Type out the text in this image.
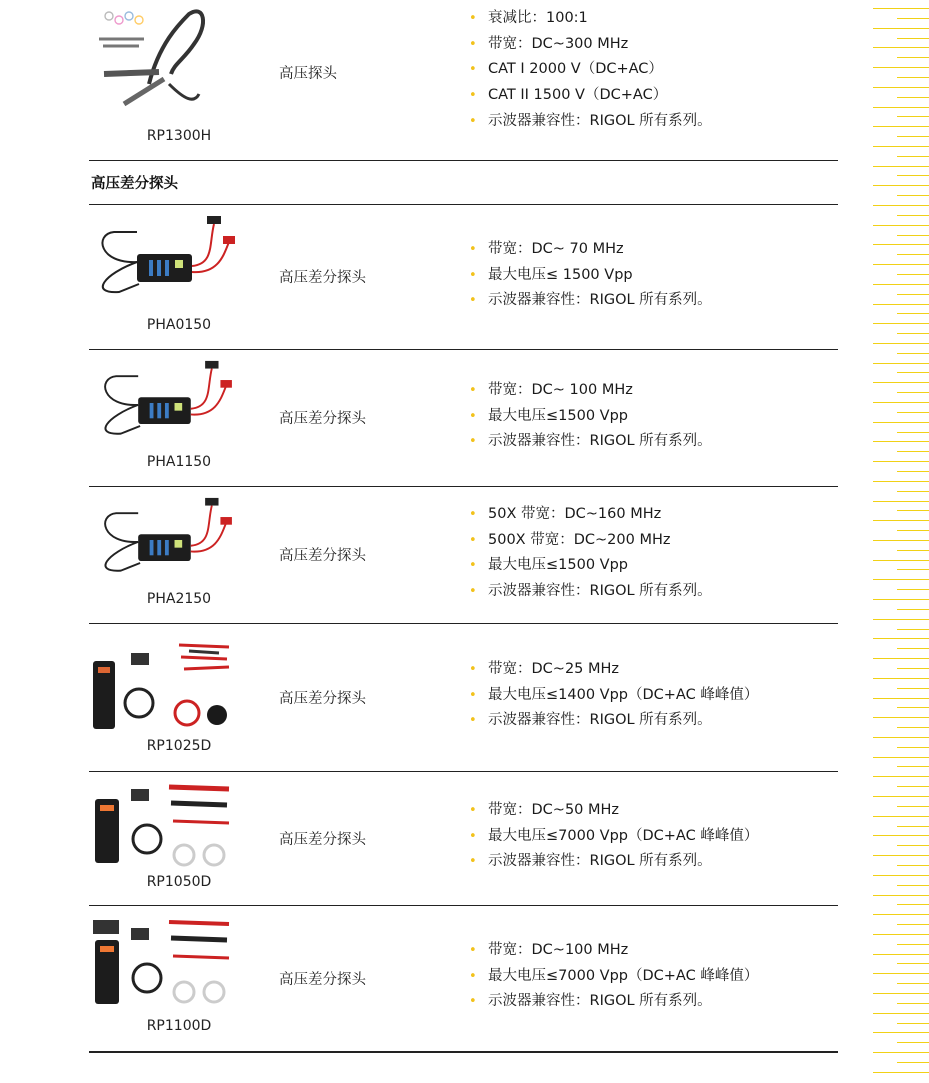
高压差分探头
RP1300H
高压探头
• 衰减比：100:1
• 带宽：DC~300 MHz
• CAT I 2000 V（DC+AC）
• CAT II 1500 V（DC+AC）
• 示波器兼容性：RIGOL 所有系列。
PHA0150
高压差分探头
• 带宽：DC~ 70 MHz
• 最大电压≤ 1500 Vpp
• 示波器兼容性：RIGOL 所有系列。
PHA1150
高压差分探头
• 带宽：DC~ 100 MHz
• 最大电压≤1500 Vpp
• 示波器兼容性：RIGOL 所有系列。
PHA2150
高压差分探头
• 50X 带宽：DC~160 MHz
• 500X 带宽：DC~200 MHz
• 最大电压≤1500 Vpp
• 示波器兼容性：RIGOL 所有系列。
RP1025D
高压差分探头
• 带宽：DC~25 MHz
• 最大电压≤1400 Vpp（DC+AC 峰峰值）
• 示波器兼容性：RIGOL 所有系列。
RP1050D
高压差分探头
• 带宽：DC~50 MHz
• 最大电压≤7000 Vpp（DC+AC 峰峰值）
• 示波器兼容性：RIGOL 所有系列。
RP1100D
高压差分探头
• 带宽：DC~100 MHz
• 最大电压≤7000 Vpp（DC+AC 峰峰值）
• 示波器兼容性：RIGOL 所有系列。
